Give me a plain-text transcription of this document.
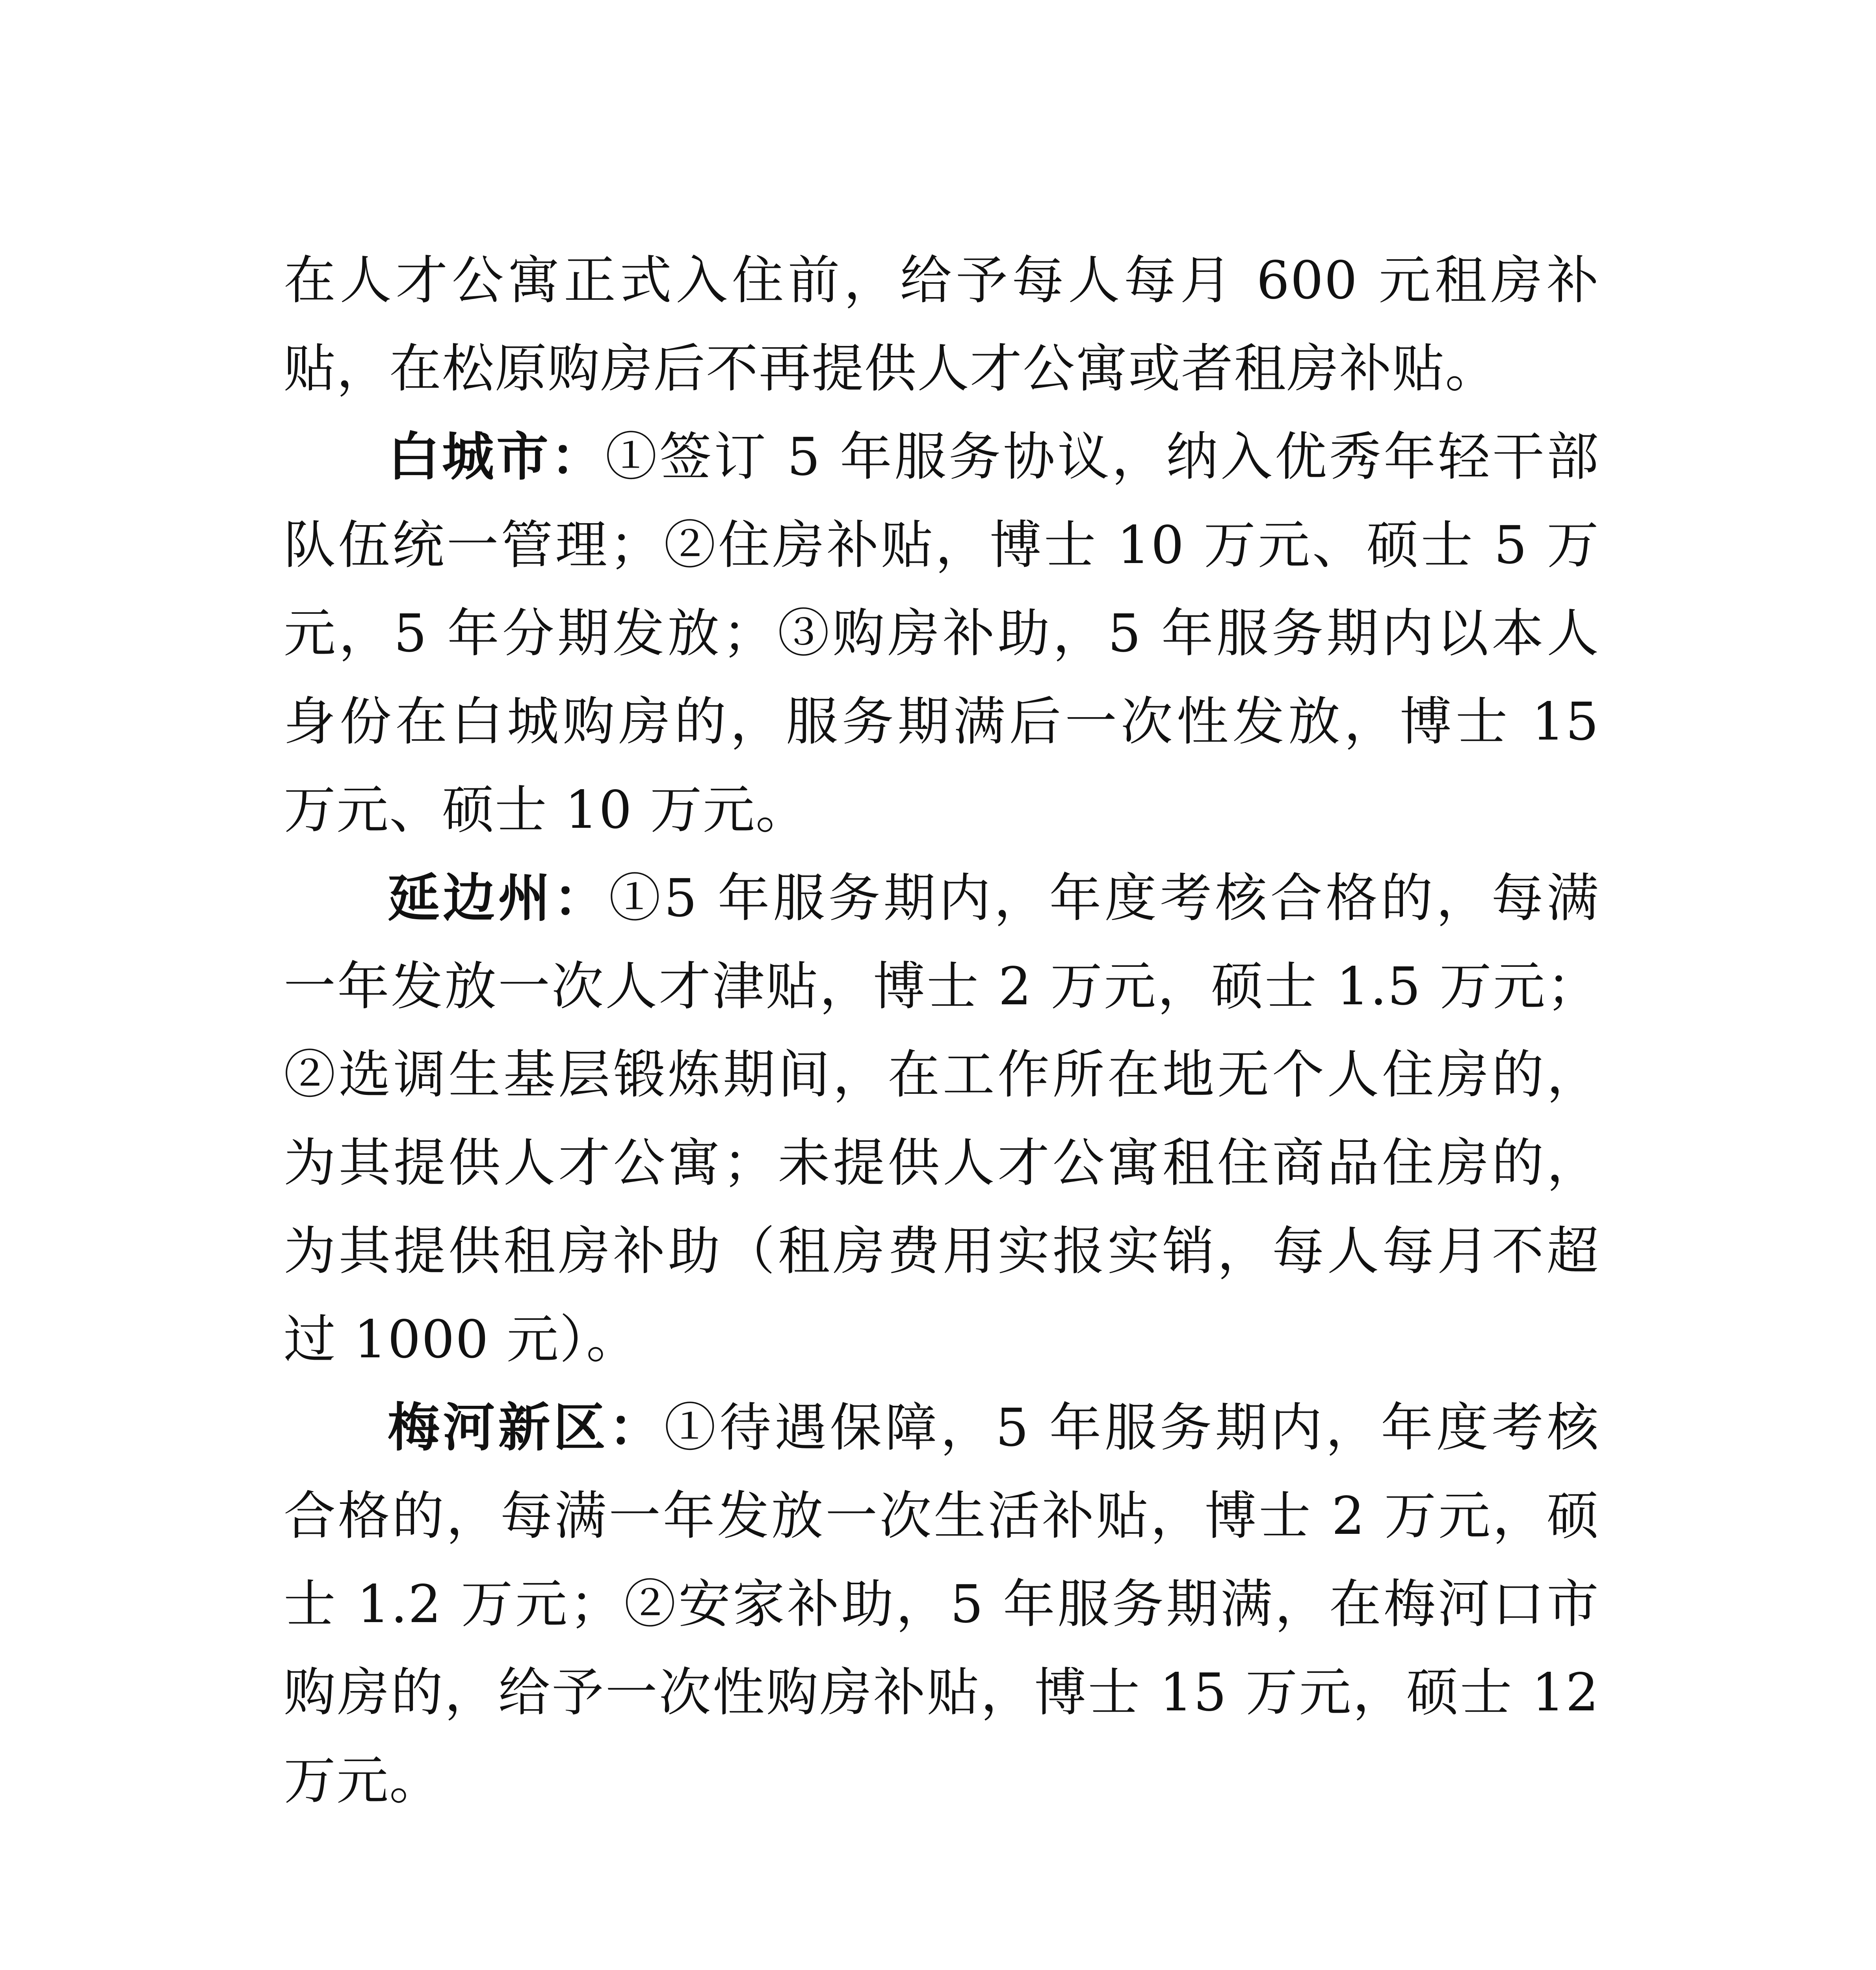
在人才公寓正式入住前，给予每人每月 600 元租房补贴，在松原购房后不再提供人才公寓或者租房补贴。

白城市：①签订 5 年服务协议，纳入优秀年轻干部队伍统一管理；②住房补贴，博士 10 万元、硕士 5 万元，5 年分期发放；③购房补助，5 年服务期内以本人身份在白城购房的，服务期满后一次性发放，博士 15 万元、硕士 10 万元。

延边州：①5 年服务期内，年度考核合格的，每满一年发放一次人才津贴，博士 2 万元，硕士 1.5 万元；②选调生基层锻炼期间，在工作所在地无个人住房的，为其提供人才公寓；未提供人才公寓租住商品住房的，为其提供租房补助（租房费用实报实销，每人每月不超过 1000 元）。

梅河新区：①待遇保障，5 年服务期内，年度考核合格的，每满一年发放一次生活补贴，博士 2 万元，硕士 1.2 万元；②安家补助，5 年服务期满，在梅河口市购房的，给予一次性购房补贴，博士 15 万元，硕士 12 万元。
